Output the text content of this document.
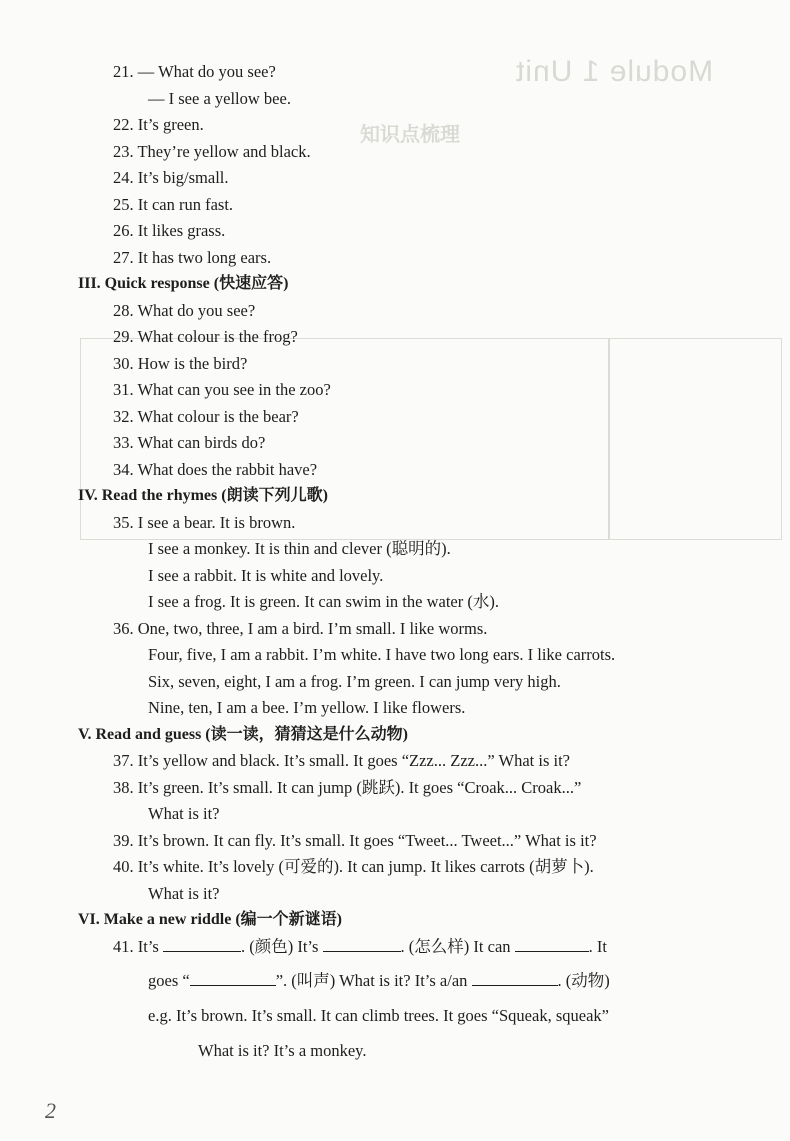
Module 1 Unit
知识点梳理
21. — What do you see?
— I see a yellow bee.
22. It’s green.
23. They’re yellow and black.
24. It’s big/small.
25. It can run fast.
26. It likes grass.
27. It has two long ears.
III. Quick response (快速应答)
28. What do you see?
29. What colour is the frog?
30. How is the bird?
31. What can you see in the zoo?
32. What colour is the bear?
33. What can birds do?
34. What does the rabbit have?
IV. Read the rhymes (朗读下列儿歌)
35. I see a bear. It is brown.
I see a monkey. It is thin and clever (聪明的).
I see a rabbit. It is white and lovely.
I see a frog. It is green. It can swim in the water (水).
36. One, two, three, I am a bird. I’m small. I like worms.
Four, five, I am a rabbit. I’m white. I have two long ears. I like carrots.
Six, seven, eight, I am a frog. I’m green. I can jump very high.
Nine, ten, I am a bee. I’m yellow. I like flowers.
V. Read and guess (读一读，猜猜这是什么动物)
37. It’s yellow and black. It’s small. It goes “Zzz... Zzz...” What is it?
38. It’s green. It’s small. It can jump (跳跃). It goes “Croak... Croak...”
What is it?
39. It’s brown. It can fly. It’s small. It goes “Tweet... Tweet...” What is it?
40. It’s white. It’s lovely (可爱的). It can jump. It likes carrots (胡萝卜).
What is it?
VI. Make a new riddle (编一个新谜语)
41. It’s	. (颜色) It’s	. (怎么样) It can	. It
goes “	”. (叫声) What is it? It’s a/an	. (动物)
e.g. It’s brown. It’s small. It can climb trees. It goes “Squeak, squeak”
What is it? It’s a monkey.
2
